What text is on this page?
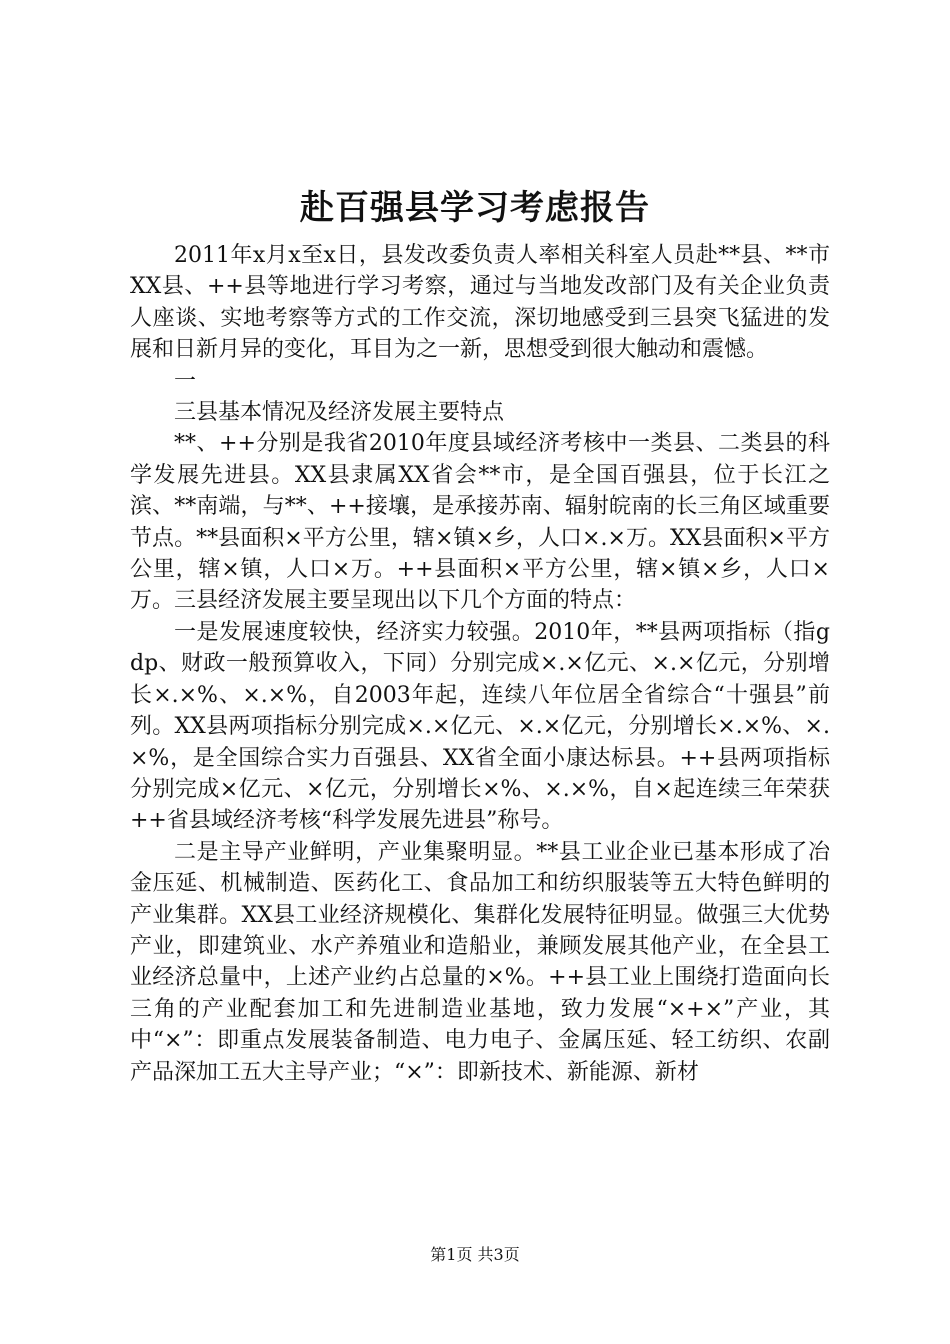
赴百强县学习考虑报告

2011年x月x至x日，县发改委负责人率相关科室人员赴**县、**市XX县、++县等地进行学习考察，通过与当地发改部门及有关企业负责人座谈、实地考察等方式的工作交流，深切地感受到三县突飞猛进的发展和日新月异的变化，耳目为之一新，思想受到很大触动和震憾。

一

三县基本情况及经济发展主要特点

**、++分别是我省2010年度县域经济考核中一类县、二类县的科学发展先进县。XX县隶属XX省会**市，是全国百强县，位于长江之滨、**南端，与**、++接壤，是承接苏南、辐射皖南的长三角区域重要节点。**县面积×平方公里，辖×镇×乡，人口×.×万。XX县面积×平方公里，辖×镇，人口×万。++县面积×平方公里，辖×镇×乡，人口×万。三县经济发展主要呈现出以下几个方面的特点：

一是发展速度较快，经济实力较强。2010年，**县两项指标（指gdp、财政一般预算收入，下同）分别完成×.×亿元、×.×亿元，分别增长×.×%、×.×%，自2003年起，连续八年位居全省综合“十强县”前列。XX县两项指标分别完成×.×亿元、×.×亿元，分别增长×.×%、×.×%，是全国综合实力百强县、XX省全面小康达标县。++县两项指标分别完成×亿元、×亿元，分别增长×%、×.×%，自×起连续三年荣获++省县域经济考核“科学发展先进县”称号。

二是主导产业鲜明，产业集聚明显。**县工业企业已基本形成了冶金压延、机械制造、医药化工、食品加工和纺织服装等五大特色鲜明的产业集群。XX县工业经济规模化、集群化发展特征明显。做强三大优势产业，即建筑业、水产养殖业和造船业，兼顾发展其他产业，在全县工业经济总量中，上述产业约占总量的×%。++县工业上围绕打造面向长三角的产业配套加工和先进制造业基地，致力发展“×+×”产业，其中“×”：即重点发展装备制造、电力电子、金属压延、轻工纺织、农副产品深加工五大主导产业；“×”：即新技术、新能源、新材

第1页 共3页
